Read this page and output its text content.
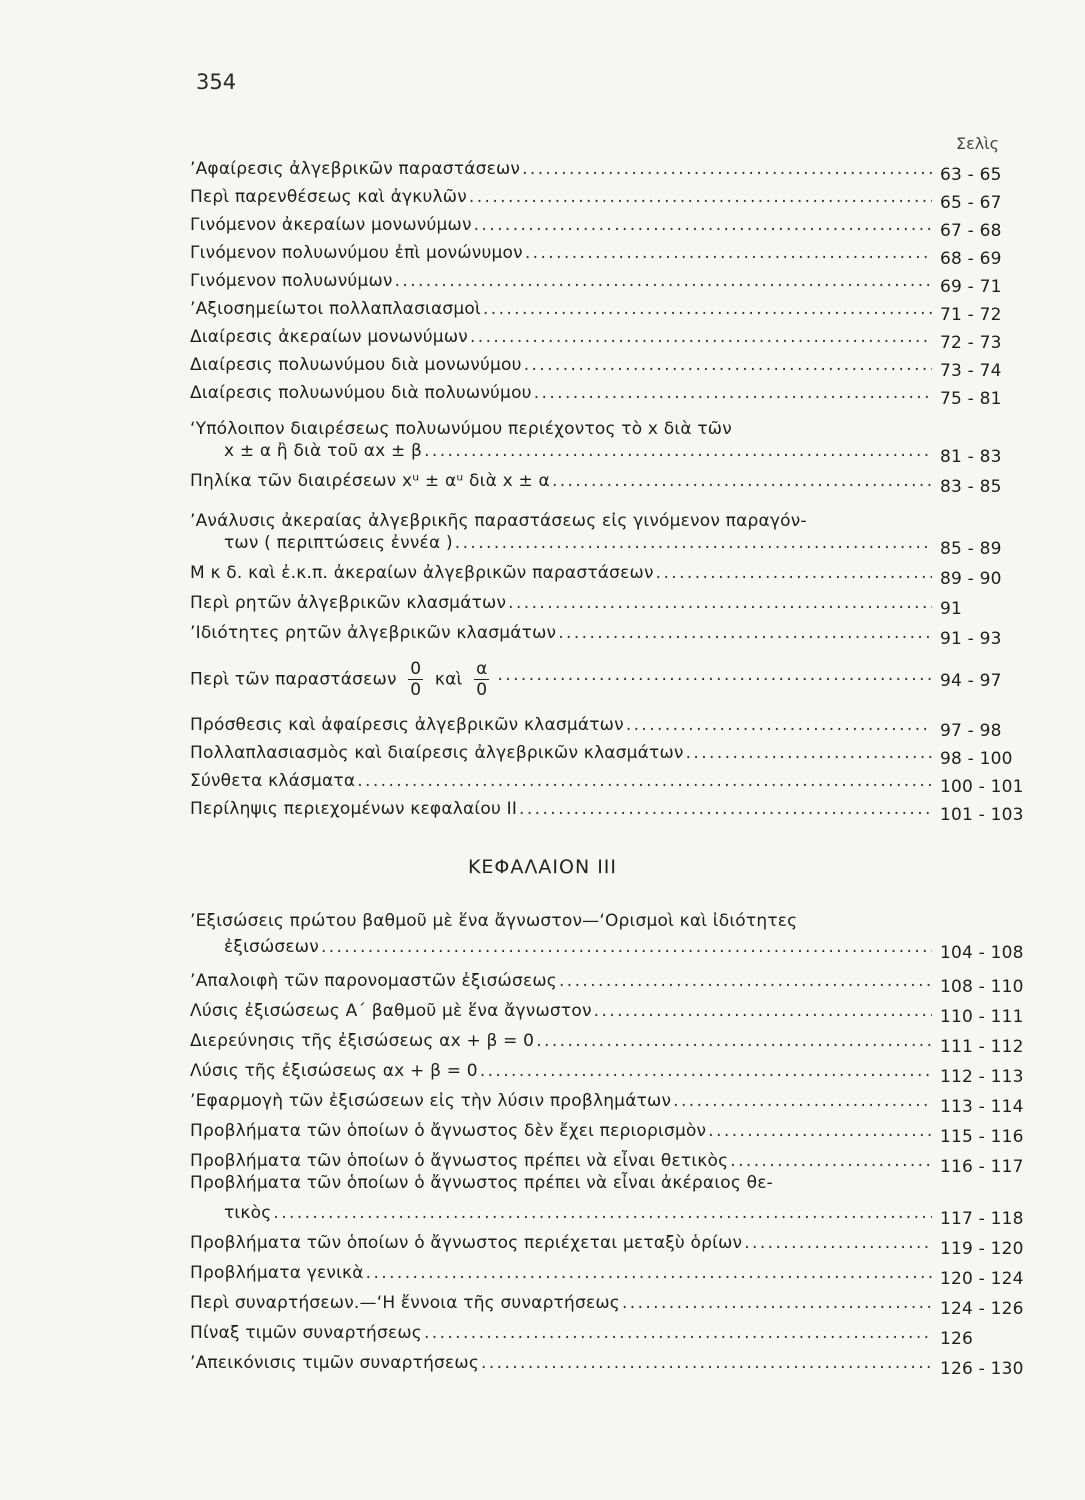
354
Σελὶς
’Αφαίρεσις ἀλγεβρικῶν παραστάσεων . . .	63 - 65
Περὶ παρενθέσεως καὶ ἀγκυλῶν . . .	65 - 67
Γινόμενον ἀκεραίων μονωνύμων . . .	67 - 68
Γινόμενον πολυωνύμου ἐπὶ μονώνυμον . . .	68 - 69
Γινόμενον πολυωνύμων . . .	69 - 71
’Αξιοσημείωτοι πολλαπλασιασμοὶ . . .	71 - 72
Διαίρεσις ἀκεραίων μονωνύμων . . .	72 - 73
Διαίρεσις πολυωνύμου διὰ μονωνύμου . . .	73 - 74
Διαίρεσις πολυωνύμου διὰ πολυωνύμου . . .	75 - 81
‘Υπόλοιπον διαιρέσεως πολυωνύμου περιέχοντος τὸ x διὰ τῶν
x ± α ἢ διὰ τοῦ αx ± β . . .	81 - 83
Πηλίκα τῶν διαιρέσεων xᵘ ± αᵘ διὰ x ± α . . .	83 - 85
’Ανάλυσις ἀκεραίας ἀλγεβρικῆς παραστάσεως εἰς γινόμενον παραγόν-
των ( περιπτώσεις ἐννέα ) . . .	85 - 89
Μ κ δ. καὶ ἐ.κ.π. ἀκεραίων ἀλγεβρικῶν παραστάσεων . . .	89 - 90
Περὶ ρητῶν ἀλγεβρικῶν κλασμάτων . . .	91
’Ιδιότητες ρητῶν ἀλγεβρικῶν κλασμάτων . . .	91 - 93
Περὶ τῶν παραστάσεων $\frac{0}{0}$ καὶ $\frac{\alpha}{0}$ . . .	94 - 97
Πρόσθεσις καὶ ἀφαίρεσις ἀλγεβρικῶν κλασμάτων . . .	97 - 98
Πολλαπλασιασμὸς καὶ διαίρεσις ἀλγεβρικῶν κλασμάτων . . .	98 - 100
Σύνθετα κλάσματα . . .	100 - 101
Περίληψις περιεχομένων κεφαλαίου ΙΙ . . .	101 - 103
ΚΕΦΑΛΑΙΟΝ ΙΙΙ
’Εξισώσεις πρώτου βαθμοῦ μὲ ἕνα ἄγνωστον—‘Ορισμοὶ καὶ ἰδιότητες
ἐξισώσεων . . .	104 - 108
’Απαλοιφὴ τῶν παρονομαστῶν ἐξισώσεως . . .	108 - 110
Λύσις ἐξισώσεως Α΄ βαθμοῦ μὲ ἕνα ἄγνωστον . . .	110 - 111
Διερεύνησις τῆς ἐξισώσεως αx + β = 0 . . .	111 - 112
Λύσις τῆς ἐξισώσεως αx + β = 0 . . .	112 - 113
’Εφαρμογὴ τῶν ἐξισώσεων εἰς τὴν λύσιν προβλημάτων . . .	113 - 114
Προβλήματα τῶν ὁποίων ὁ ἄγνωστος δὲν ἔχει περιορισμὸν . . .	115 - 116
Προβλήματα τῶν ὁποίων ὁ ἄγνωστος πρέπει νὰ εἶναι θετικὸς . . .	116 - 117
Προβλήματα τῶν ὁποίων ὁ ἄγνωστος πρέπει νὰ εἶναι ἀκέραιος θε-
τικὸς . . .	117 - 118
Προβλήματα τῶν ὁποίων ὁ ἄγνωστος περιέχεται μεταξὺ ὁρίων . . .	119 - 120
Προβλήματα γενικὰ . . .	120 - 124
Περὶ συναρτήσεων.—‘Η ἔννοια τῆς συναρτήσεως . . .	124 - 126
Πίναξ τιμῶν συναρτήσεως . . .	126
’Απεικόνισις τιμῶν συναρτήσεως . . .	126 - 130
